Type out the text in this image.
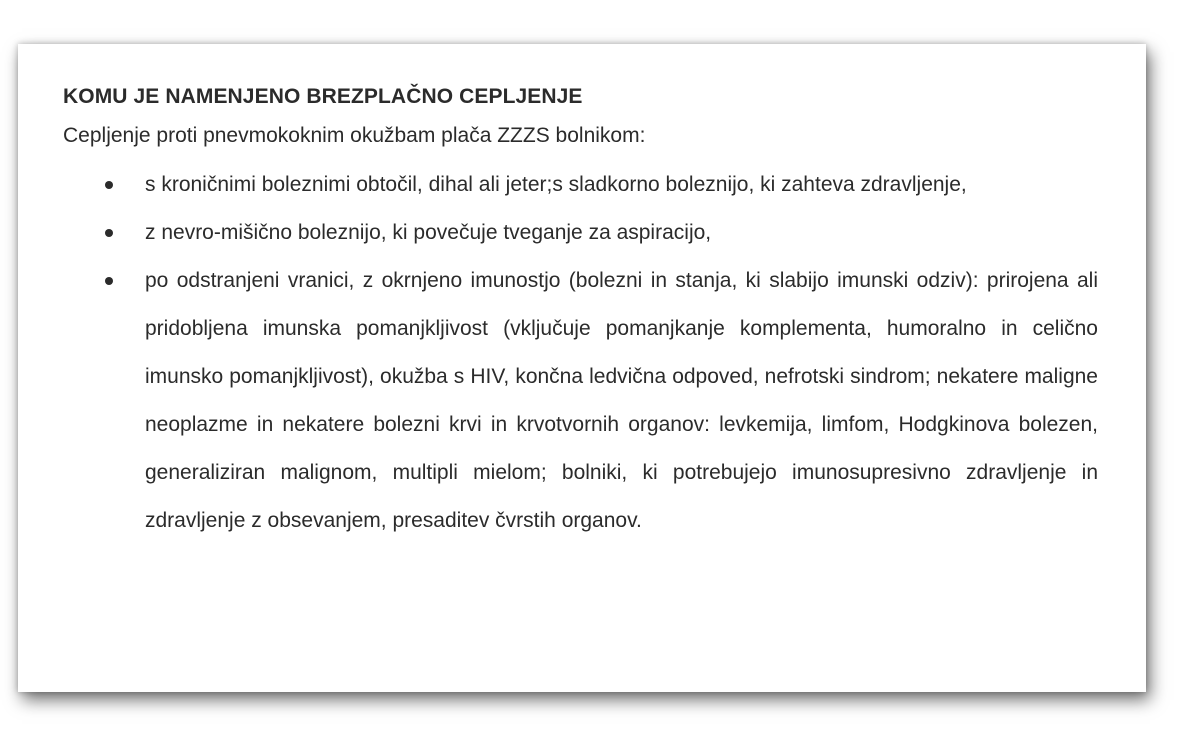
KOMU JE NAMENJENO BREZPLAČNO CEPLJENJE
Cepljenje proti pnevmokoknim okužbam plača ZZZS bolnikom:
s kroničnimi boleznimi obtočil, dihal ali jeter;s sladkorno boleznijo, ki zahteva zdravljenje,
z nevro-mišično boleznijo, ki povečuje tveganje za aspiracijo,
po odstranjeni vranici, z okrnjeno imunostjo (bolezni in stanja, ki slabijo imunski odziv): prirojena ali pridobljena imunska pomanjkljivost (vključuje pomanjkanje komplementa, humoralno in celično imunsko pomanjkljivost), okužba s HIV, končna ledvična odpoved, nefrotski sindrom; nekatere maligne neoplazme in nekatere bolezni krvi in krvotvornih organov: levkemija, limfom, Hodgkinova bolezen, generaliziran malignom, multipli mielom; bolniki, ki potrebujejo imunosupresivno zdravljenje in zdravljenje z obsevanjem, presaditev čvrstih organov.
